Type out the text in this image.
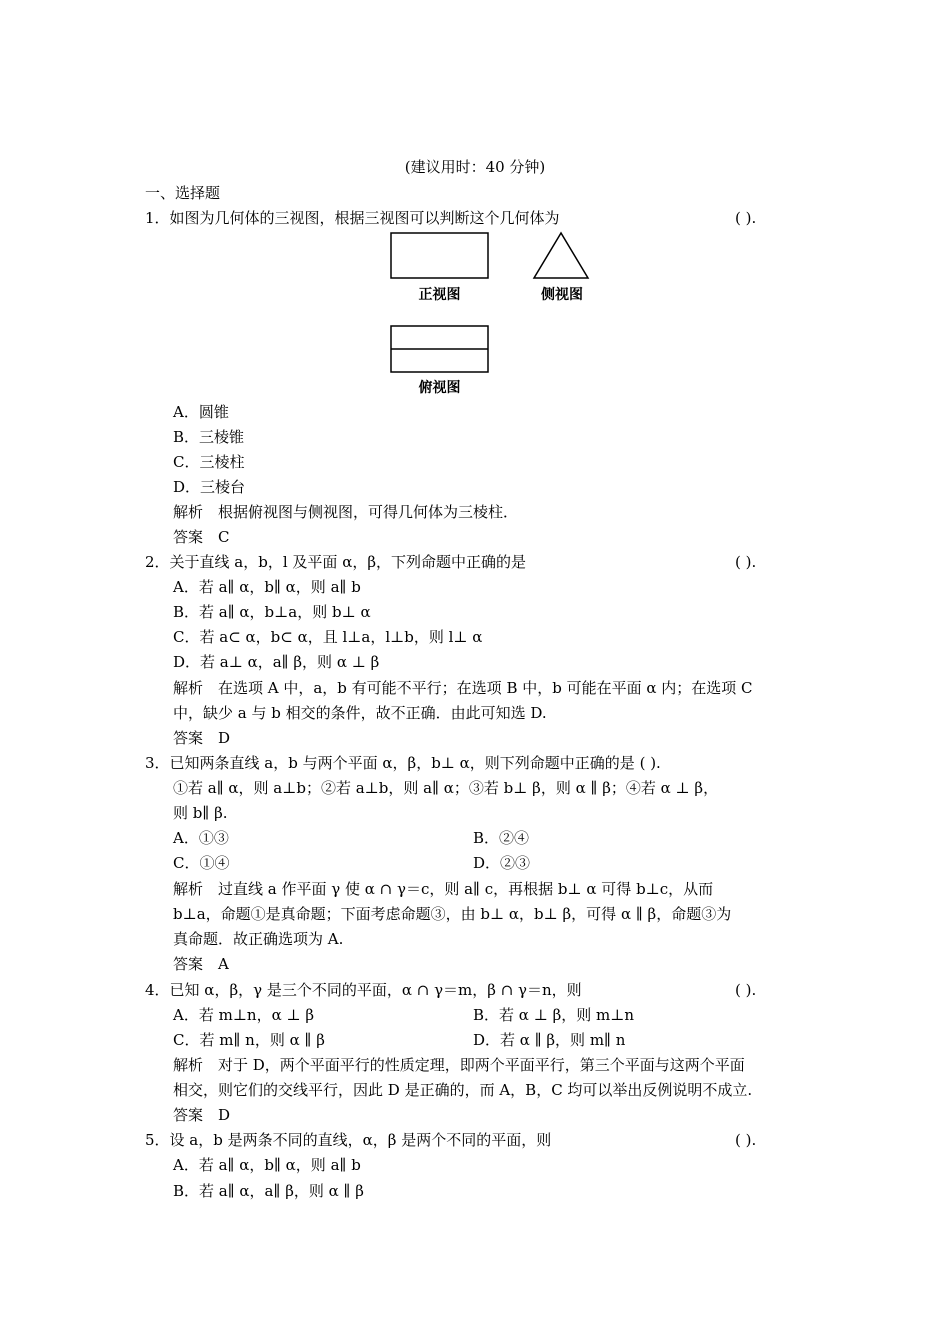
(建议用时：40 分钟)
一、选择题
1．如图为几何体的三视图，根据三视图可以判断这个几何体为	( ).
正视图	侧视图
俯视图
A．圆锥
B．三棱锥
C．三棱柱
D．三棱台
解析　根据俯视图与侧视图，可得几何体为三棱柱．
答案　C
2．关于直线 a，b，l 及平面 α，β，下列命题中正确的是	( ).
A．若 a∥ α，b∥ α，则 a∥ b
B．若 a∥ α，b⊥a，则 b⊥ α
C．若 a⊂ α，b⊂ α，且 l⊥a，l⊥b，则 l⊥ α
D．若 a⊥ α，a∥ β，则 α ⊥ β
解析　在选项 A 中，a，b 有可能不平行；在选项 B 中，b 可能在平面 α 内；在选项 C
中，缺少 a 与 b 相交的条件，故不正确．由此可知选 D.
答案　D
3．已知两条直线 a，b 与两个平面 α，β，b⊥ α，则下列命题中正确的是 ( ).
①若 a∥ α，则 a⊥b；②若 a⊥b，则 a∥ α；③若 b⊥ β，则 α ∥ β；④若 α ⊥ β，
则 b∥ β.
A．①③	B．②④
C．①④	D．②③
解析　过直线 a 作平面 γ 使 α ∩ γ＝c，则 a∥ c，再根据 b⊥ α 可得 b⊥c，从而
b⊥a，命题①是真命题；下面考虑命题③，由 b⊥ α，b⊥ β，可得 α ∥ β，命题③为
真命题．故正确选项为 A.
答案　A
4．已知 α，β，γ 是三个不同的平面，α ∩ γ＝m，β ∩ γ＝n，则	( ).
A．若 m⊥n，α ⊥ β	B．若 α ⊥ β，则 m⊥n
C．若 m∥ n，则 α ∥ β	D．若 α ∥ β，则 m∥ n
解析　对于 D，两个平面平行的性质定理，即两个平面平行，第三个平面与这两个平面
相交，则它们的交线平行，因此 D 是正确的，而 A，B，C 均可以举出反例说明不成立.
答案　D
5．设 a，b 是两条不同的直线，α，β 是两个不同的平面，则	( ).
A．若 a∥ α，b∥ α，则 a∥ b
B．若 a∥ α，a∥ β，则 α ∥ β
